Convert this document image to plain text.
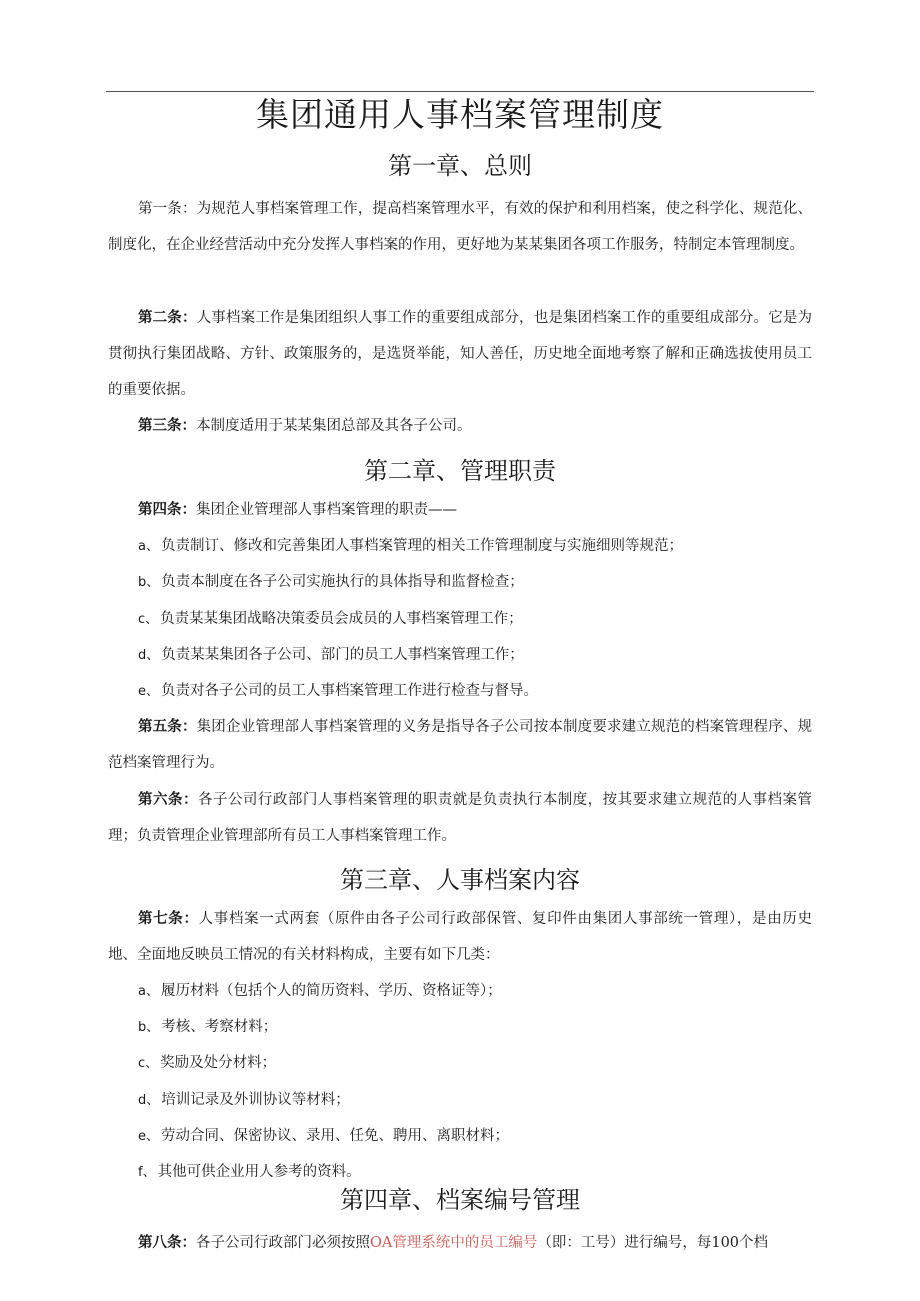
集团通用人事档案管理制度
第一章、总则
第一条：为规范人事档案管理工作，提高档案管理水平，有效的保护和利用档案，使之科学化、规范化、制度化，在企业经营活动中充分发挥人事档案的作用，更好地为某某集团各项工作服务，特制定本管理制度。
第二条：人事档案工作是集团组织人事工作的重要组成部分，也是集团档案工作的重要组成部分。它是为贯彻执行集团战略、方针、政策服务的，是选贤举能，知人善任，历史地全面地考察了解和正确选拔使用员工的重要依据。
第三条：本制度适用于某某集团总部及其各子公司。
第二章、管理职责
第四条：集团企业管理部人事档案管理的职责——
a、 负责制订、修改和完善集团人事档案管理的相关工作管理制度与实施细则等规范；
b、 负责本制度在各子公司实施执行的具体指导和监督检查；
c、 负责某某集团战略决策委员会成员的人事档案管理工作；
d、 负责某某集团各子公司、部门的员工人事档案管理工作；
e、 负责对各子公司的员工人事档案管理工作进行检查与督导。
第五条：集团企业管理部人事档案管理的义务是指导各子公司按本制度要求建立规范的档案管理程序、规范档案管理行为。
第六条：各子公司行政部门人事档案管理的职责就是负责执行本制度，按其要求建立规范的人事档案管理；负责管理企业管理部所有员工人事档案管理工作。
第三章、人事档案内容
第七条：人事档案一式两套（原件由各子公司行政部保管、复印件由集团人事部统一管理），是由历史地、全面地反映员工情况的有关材料构成，主要有如下几类：
a、 履历材料（包括个人的简历资料、学历、资格证等）；
b、 考核、考察材料；
c、 奖励及处分材料；
d、 培训记录及外训协议等材料；
e、 劳动合同、保密协议、录用、任免、聘用、离职材料；
f、 其他可供企业用人参考的资料。
第四章、档案编号管理
第八条：各子公司行政部门必须按照OA管理系统中的员工编号（即：工号）进行编号，每100个档
